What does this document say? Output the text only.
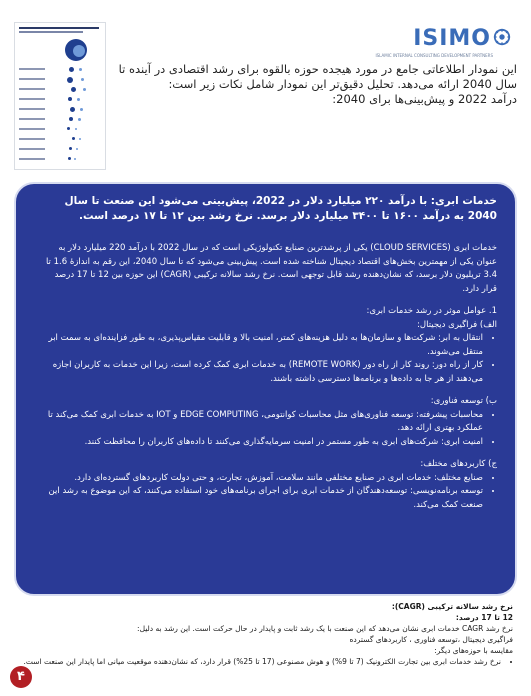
ISIMO
ISLAMIC INTERNAL CONSULTING DEVELOPMENT PARTNERS

این نمودار اطلاعاتی جامع در مورد هیجده حوزه بالقوه برای رشد اقتصادی در آینده تا سال 2040 ارائه می‌دهد. تحلیل دقیق‌تر این نمودار شامل نکات زیر است:

درآمد 2022 و پیش‌بینی‌ها برای 2040:

خدمات ابری: با درآمد ۲۲۰ میلیارد دلار در 2022، پیش‌بینی می‌شود این صنعت تا سال 2040 به درآمد ۱۶۰۰ تا ۳۴۰۰ میلیارد دلار برسد. نرخ رشد بین ۱۲ تا ۱۷ درصد است.

خدمات ابری (CLOUD SERVICES) یکی از پرشدترین صنایع تکنولوژیکی است که در سال 2022 با درآمد 220 میلیارد دلار به عنوان یکی از مهمترین بخش‌های اقتصاد دیجیتال شناخته شده است. پیش‌بینی می‌شود که تا سال 2040، این رقم به اندازهٔ 1.6 تا 3.4 تریلیون دلار برسد، که نشان‌دهنده رشد قابل توجهی است. نرخ رشد سالانه ترکیبی (CAGR) این حوزه بین 12 تا 17 درصد قرار دارد.

1. عوامل موثر در رشد خدمات ابری:

الف) فراگیری دیجیتال:

• انتقال به ابر: شرکت‌ها و سازمان‌ها به دلیل هزینه‌های کمتر، امنیت بالا و قابلیت مقیاس‌پذیری، به طور فزاینده‌ای به سمت ابر منتقل می‌شوند.
• کار از راه دور: روند کار از راه دور (REMOTE WORK) به خدمات ابری کمک کرده است، زیرا این خدمات به کاربران اجازه می‌دهند از هر جا به داده‌ها و برنامه‌ها دسترسی داشته باشند.

ب) توسعه فناوری:

• محاسبات پیشرفته: توسعه فناوری‌های مثل محاسبات کوانتومی، EDGE COMPUTING و IOT به خدمات ابری کمک می‌کند تا عملکرد بهتری ارائه دهد.
• امنیت ابری: شرکت‌های ابری به طور مستمر در امنیت سرمایه‌گذاری می‌کنند تا داده‌های کاربران را محافظت کنند.

ج) کاربردهای مختلف:

• صنایع مختلف: خدمات ابری در صنایع مختلفی مانند سلامت، آموزش، تجارت، و حتی دولت کاربردهای گسترده‌ای دارد.
• توسعه برنامه‌نویسی: توسعه‌دهندگان از خدمات ابری برای اجرای برنامه‌های خود استفاده می‌کنند، که این موضوع به رشد این صنعت کمک می‌کند.

نرخ رشد سالانه ترکیبی (CAGR):

12 تا 17 درصد:

نرخ رشد CAGR خدمات ابری نشان می‌دهد که این صنعت با یک رشد ثابت و پایدار در حال حرکت است. این رشد به دلیل:

فراگیری دیجیتال ،توسعه فناوری ، کاربردهای گسترده

مقایسه با حوزه‌های دیگر:

• نرخ رشد خدمات ابری بین تجارت الکترونیک (7 تا 9%) و هوش مصنوعی (17 تا 25%) قرار دارد، که نشان‌دهنده موقعیت میانی اما پایدار این صنعت است.
۴
